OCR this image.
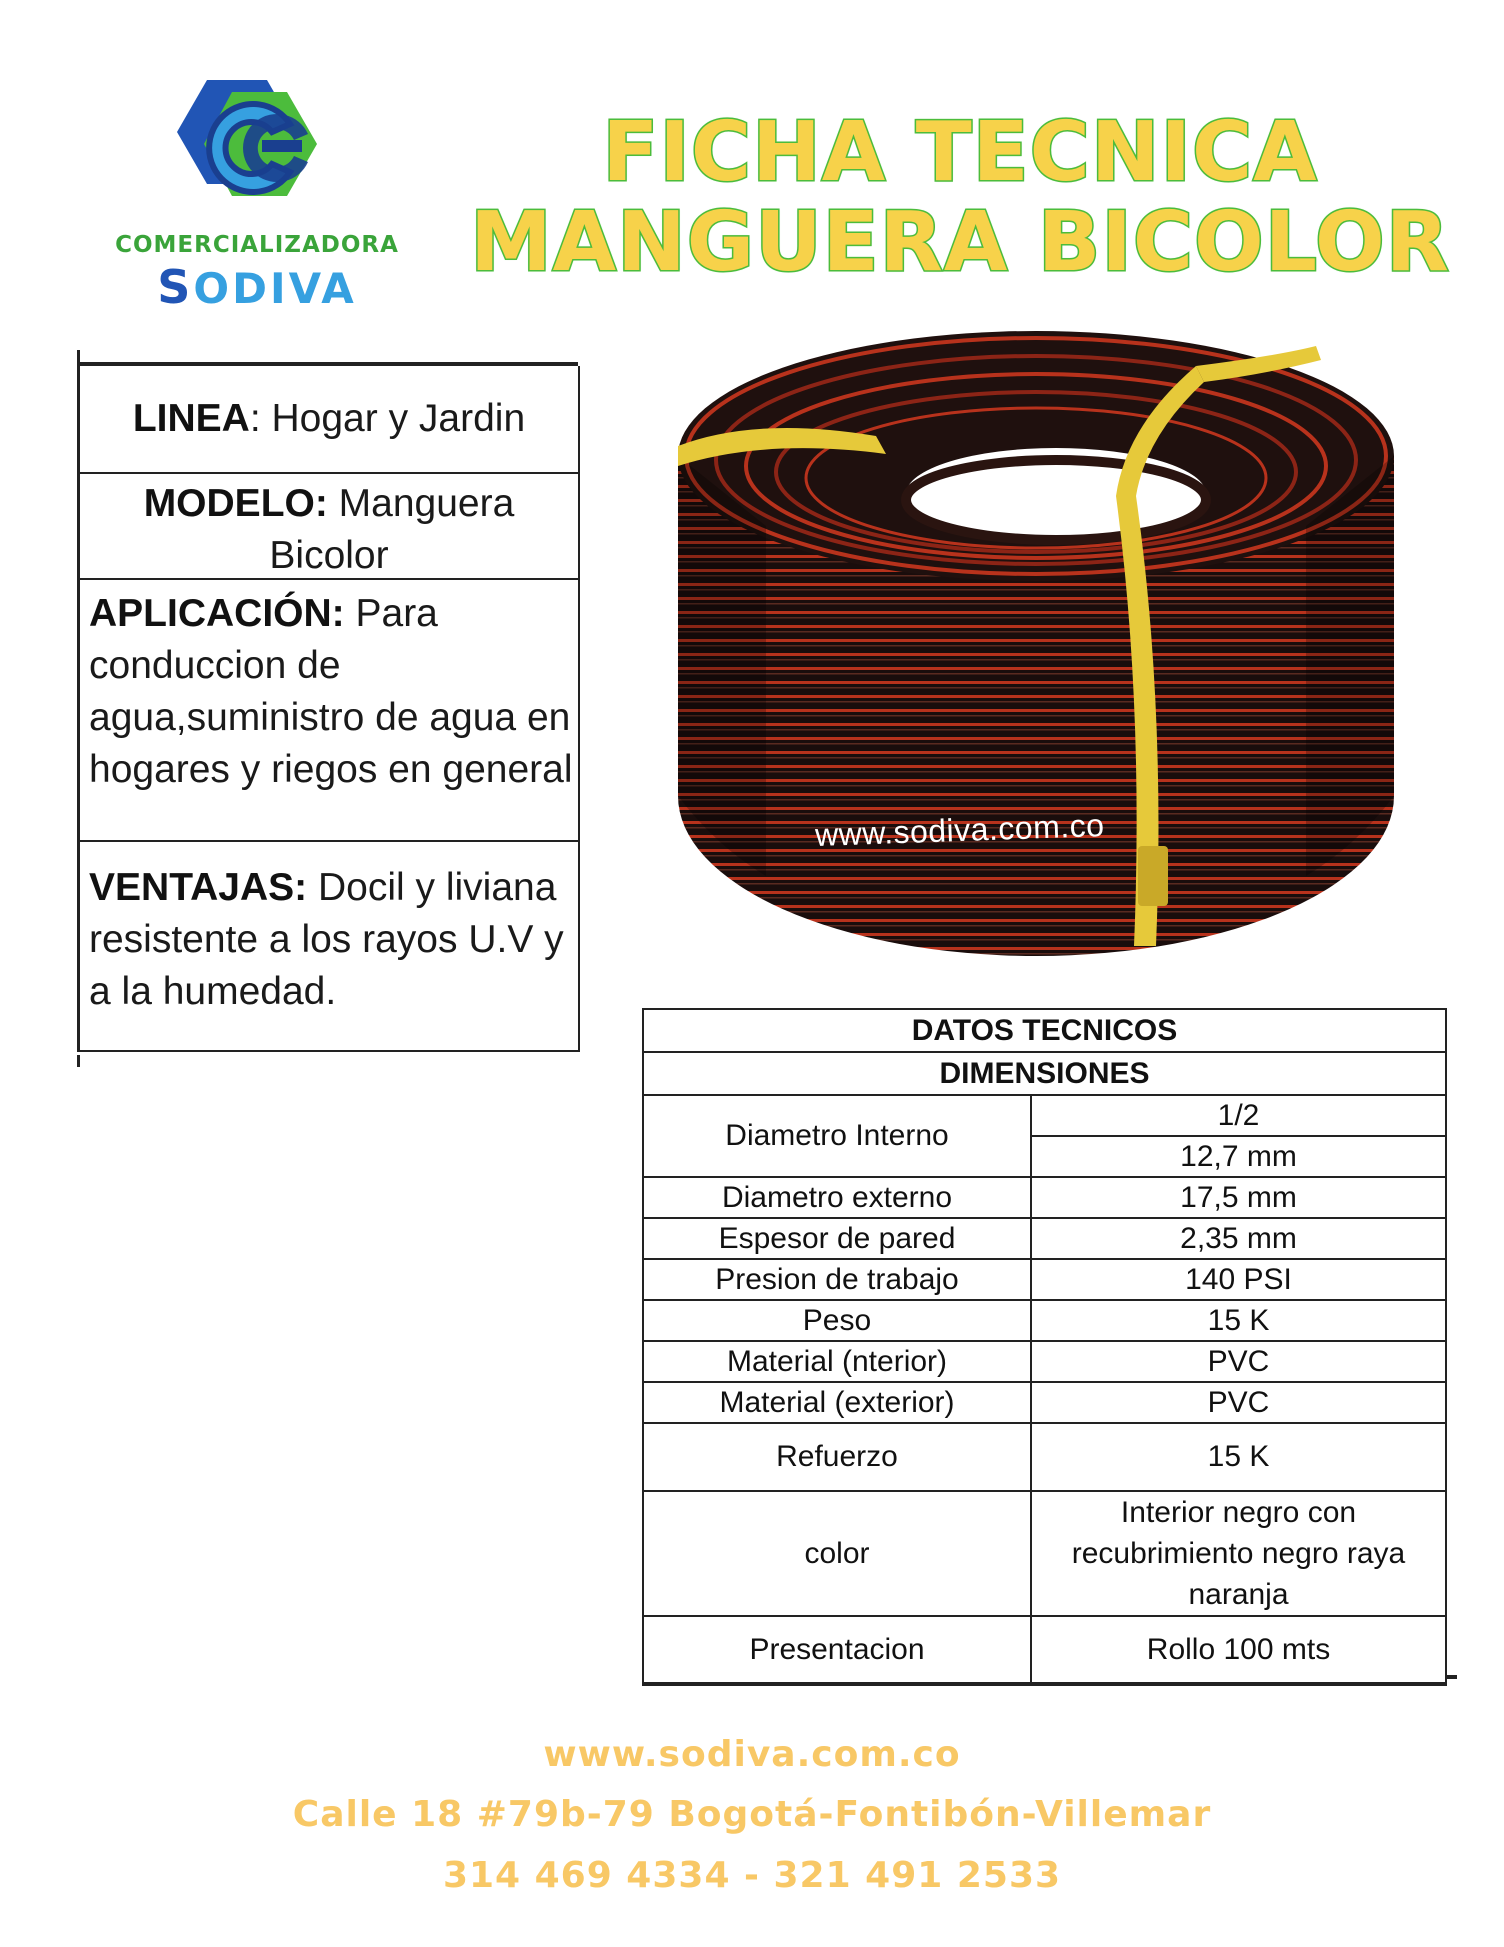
COMERCIALIZADORA
SODIVA
FICHA TECNICA
MANGUERA BICOLOR
LINEA: Hogar y Jardin
MODELO: Manguera Bicolor
APLICACIÓN: Para conduccion de agua,suministro de agua en hogares y riegos en general
VENTAJAS: Docil y liviana resistente a los rayos U.V y a la humedad.
www.sodiva.com.co
DATOS TECNICOS	
DIMENSIONES	
Diametro Interno	1/2
	12,7 mm
Diametro externo	17,5 mm
Espesor de pared	2,35 mm
Presion de trabajo	140 PSI
Peso	15 K
Material (nterior)	PVC
Material (exterior)	PVC
Refuerzo	15 K
color	Interior negro con recubrimiento negro raya naranja
Presentacion	Rollo 100 mts
www.sodiva.com.co
Calle 18 #79b-79 Bogotá-Fontibón-Villemar
314 469 4334 - 321 491 2533
